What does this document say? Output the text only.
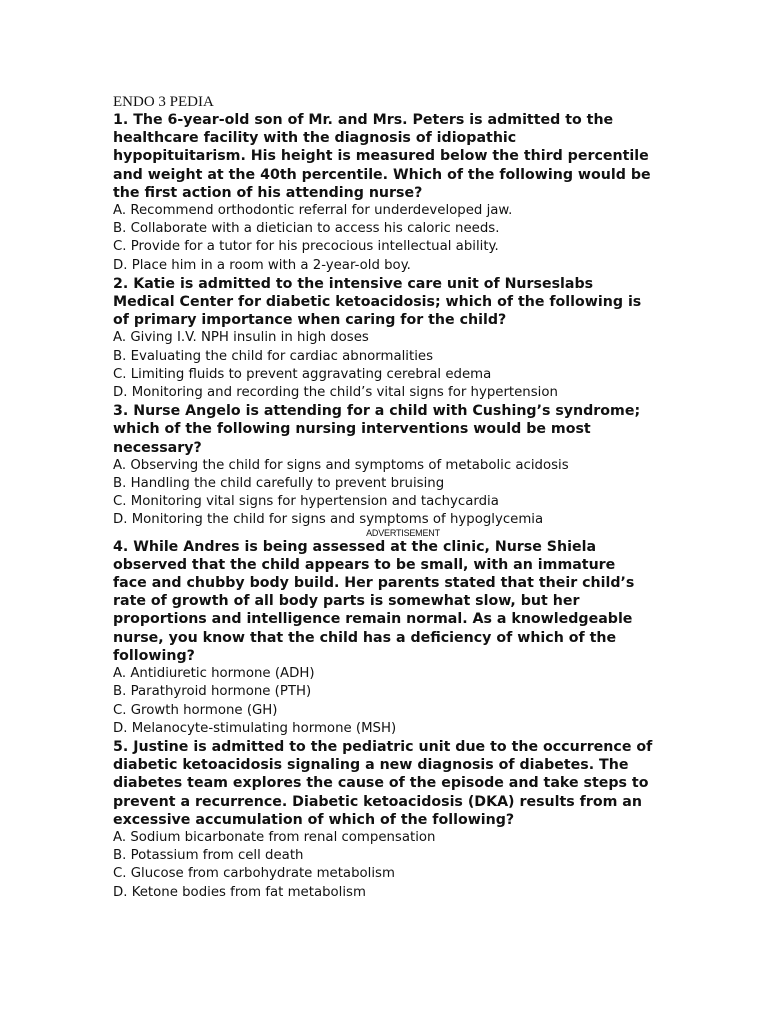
ENDO 3 PEDIA

1. The 6-year-old son of Mr. and Mrs. Peters is admitted to the healthcare facility with the diagnosis of idiopathic hypopituitarism. His height is measured below the third percentile and weight at the 40th percentile. Which of the following would be the first action of his attending nurse?

A. Recommend orthodontic referral for underdeveloped jaw.
B. Collaborate with a dietician to access his caloric needs.
C. Provide for a tutor for his precocious intellectual ability.
D. Place him in a room with a 2-year-old boy.

2. Katie is admitted to the intensive care unit of Nurseslabs Medical Center for diabetic ketoacidosis; which of the following is of primary importance when caring for the child?

A. Giving I.V. NPH insulin in high doses
B. Evaluating the child for cardiac abnormalities
C. Limiting fluids to prevent aggravating cerebral edema
D. Monitoring and recording the child’s vital signs for hypertension

3. Nurse Angelo is attending for a child with Cushing’s syndrome; which of the following nursing interventions would be most necessary?

A. Observing the child for signs and symptoms of metabolic acidosis
B. Handling the child carefully to prevent bruising
C. Monitoring vital signs for hypertension and tachycardia
D. Monitoring the child for signs and symptoms of hypoglycemia

ADVERTISEMENT

4. While Andres is being assessed at the clinic, Nurse Shiela observed that the child appears to be small, with an immature face and chubby body build. Her parents stated that their child’s rate of growth of all body parts is somewhat slow, but her proportions and intelligence remain normal. As a knowledgeable nurse, you know that the child has a deficiency of which of the following?

A. Antidiuretic hormone (ADH)
B. Parathyroid hormone (PTH)
C. Growth hormone (GH)
D. Melanocyte-stimulating hormone (MSH)

5. Justine is admitted to the pediatric unit due to the occurrence of diabetic ketoacidosis signaling a new diagnosis of diabetes. The diabetes team explores the cause of the episode and take steps to prevent a recurrence. Diabetic ketoacidosis (DKA) results from an excessive accumulation of which of the following?

A. Sodium bicarbonate from renal compensation
B. Potassium from cell death
C. Glucose from carbohydrate metabolism
D. Ketone bodies from fat metabolism
